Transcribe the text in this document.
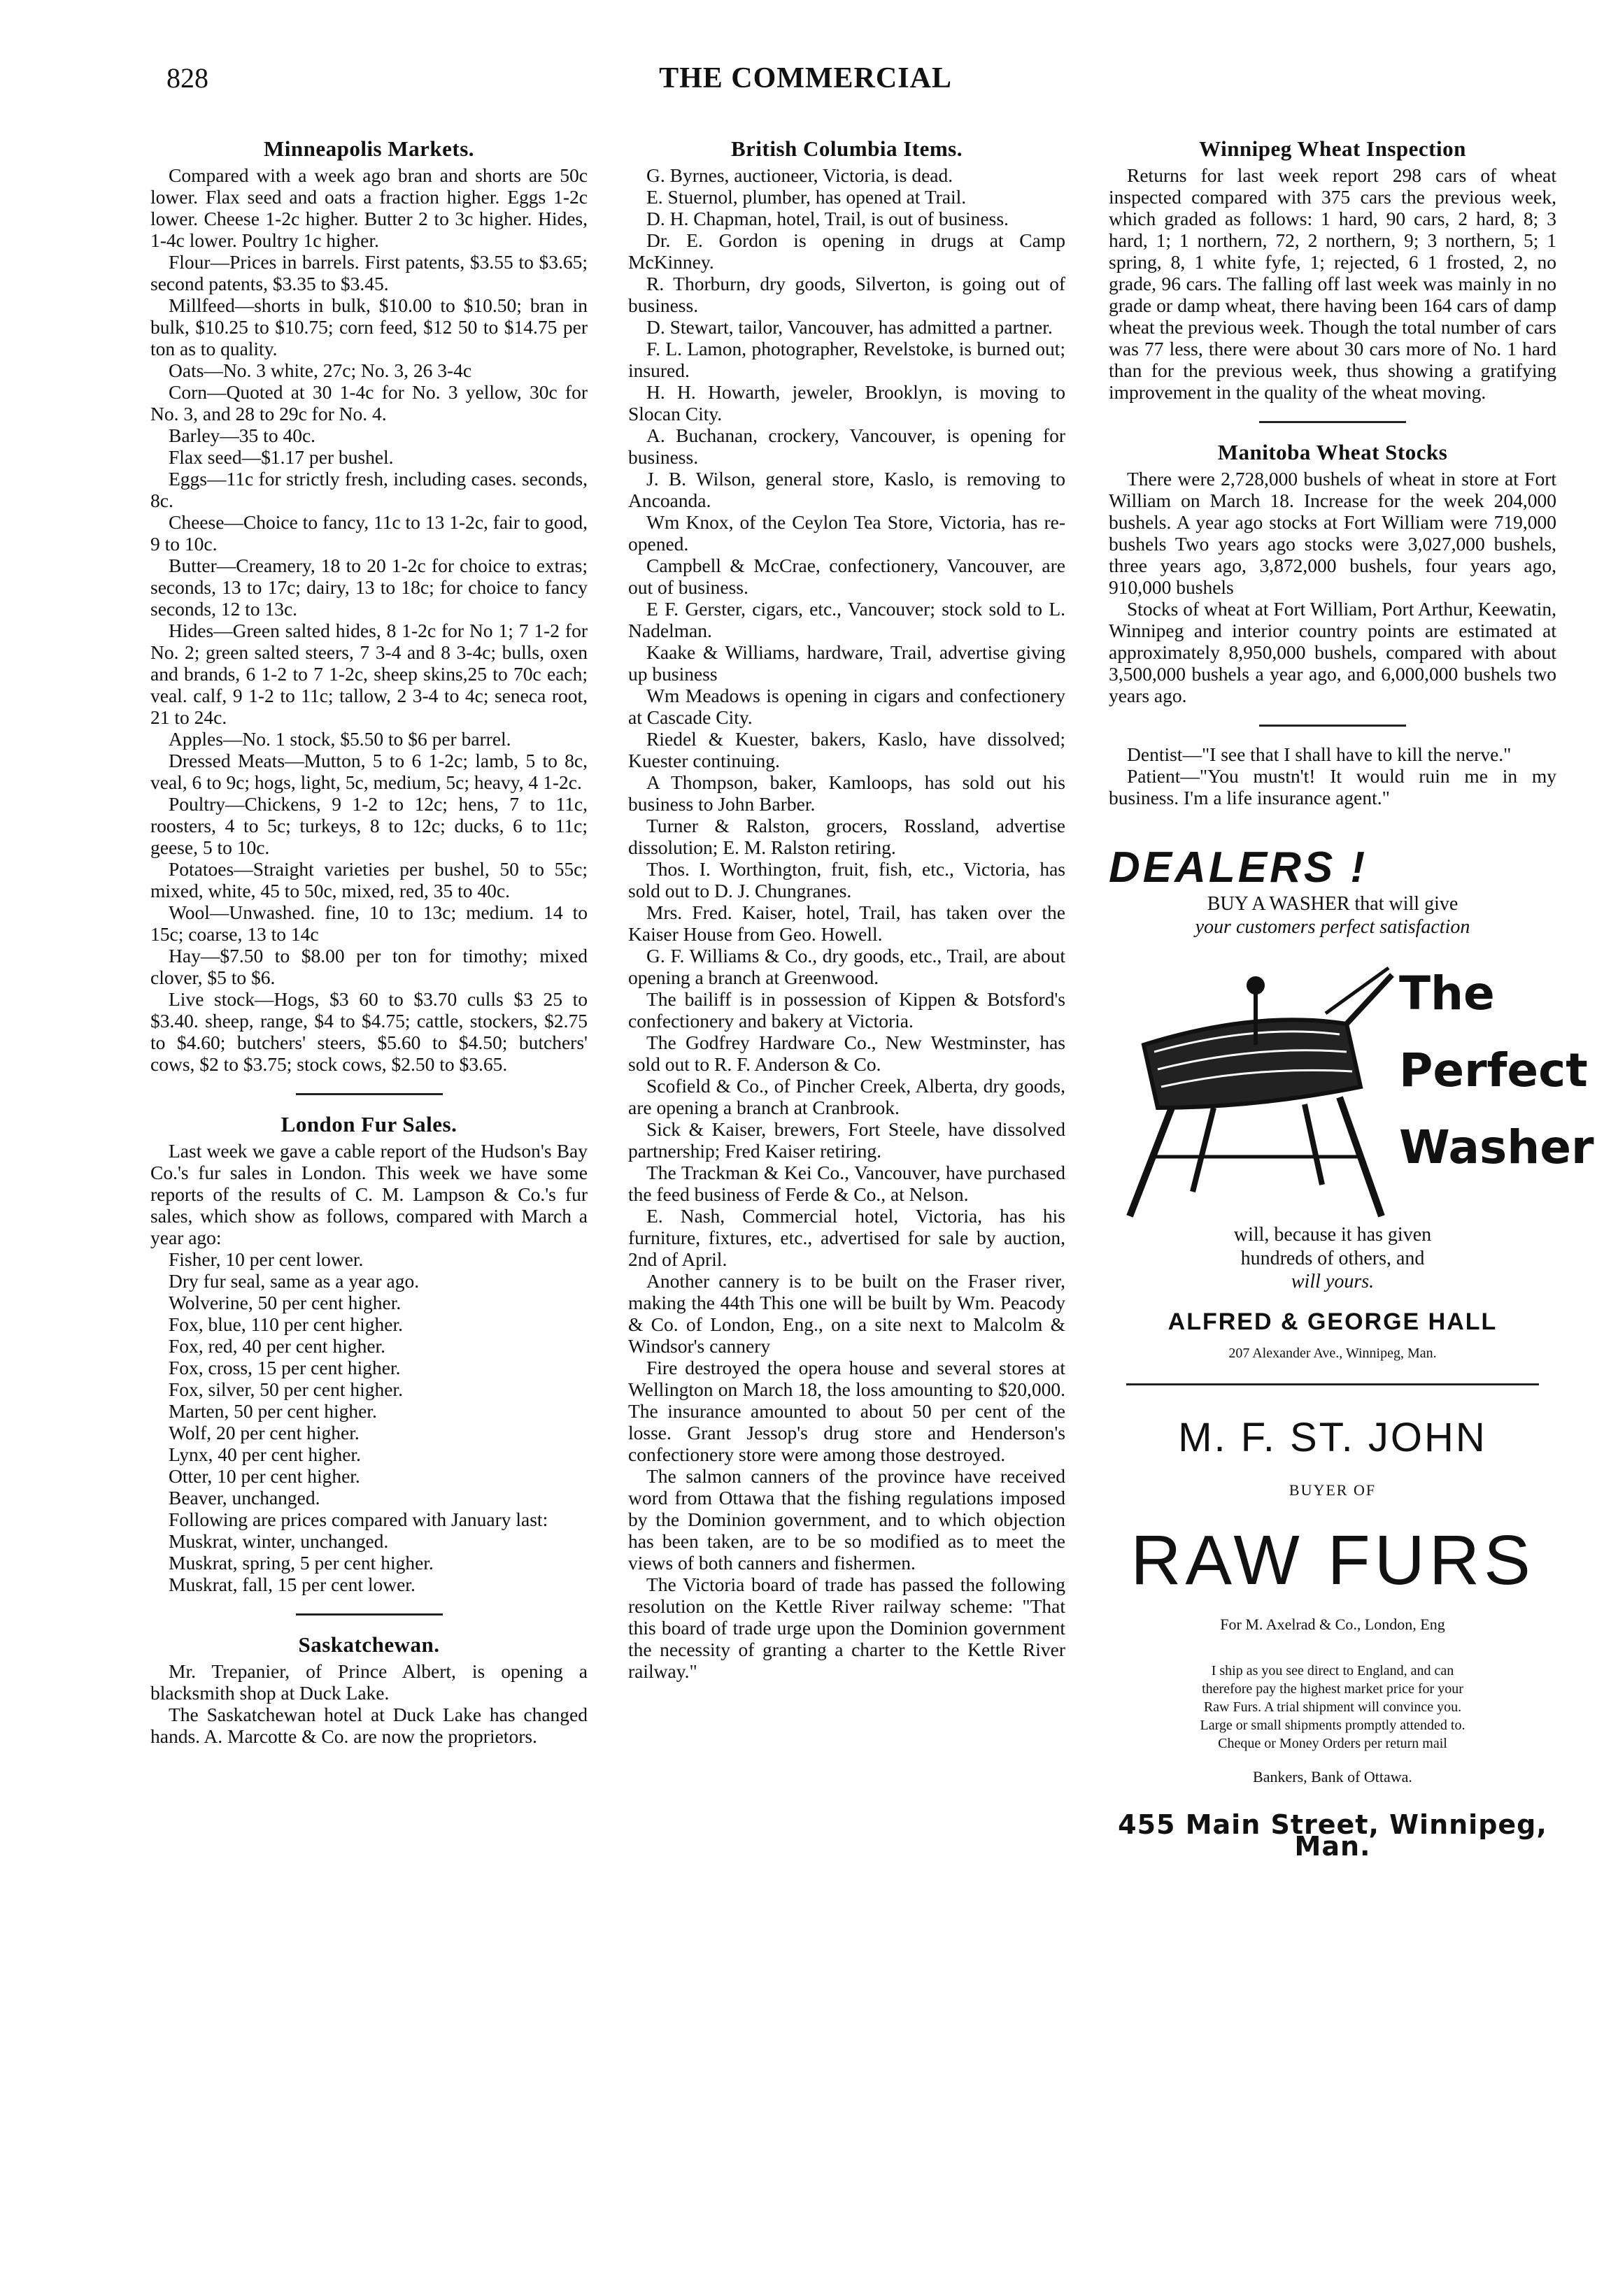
828	THE COMMERCIAL
Minneapolis Markets.

Compared with a week ago bran and shorts are 50c lower. Flax seed and oats a fraction higher. Eggs 1-2c lower. Cheese 1-2c higher. Butter 2 to 3c higher. Hides, 1-4c lower. Poultry 1c higher.

Flour—Prices in barrels. First patents, $3.55 to $3.65; second patents, $3.35 to $3.45.

Millfeed—shorts in bulk, $10.00 to $10.50; bran in bulk, $10.25 to $10.75; corn feed, $12 50 to $14.75 per ton as to quality.

Oats—No. 3 white, 27c; No. 3, 26 3-4c

Corn—Quoted at 30 1-4c for No. 3 yellow, 30c for No. 3, and 28 to 29c for No. 4.

Barley—35 to 40c.

Flax seed—$1.17 per bushel.

Eggs—11c for strictly fresh, including cases. seconds, 8c.

Cheese—Choice to fancy, 11c to 13 1-2c, fair to good, 9 to 10c.

Butter—Creamery, 18 to 20 1-2c for choice to extras; seconds, 13 to 17c; dairy, 13 to 18c; for choice to fancy seconds, 12 to 13c.

Hides—Green salted hides, 8 1-2c for No 1; 7 1-2 for No. 2; green salted steers, 7 3-4 and 8 3-4c; bulls, oxen and brands, 6 1-2 to 7 1-2c, sheep skins,25 to 70c each; veal. calf, 9 1-2 to 11c; tallow, 2 3-4 to 4c; seneca root, 21 to 24c.

Apples—No. 1 stock, $5.50 to $6 per barrel.

Dressed Meats—Mutton, 5 to 6 1-2c; lamb, 5 to 8c, veal, 6 to 9c; hogs, light, 5c, medium, 5c; heavy, 4 1-2c.

Poultry—Chickens, 9 1-2 to 12c; hens, 7 to 11c, roosters, 4 to 5c; turkeys, 8 to 12c; ducks, 6 to 11c; geese, 5 to 10c.

Potatoes—Straight varieties per bushel, 50 to 55c; mixed, white, 45 to 50c, mixed, red, 35 to 40c.

Wool—Unwashed. fine, 10 to 13c; medium. 14 to 15c; coarse, 13 to 14c

Hay—$7.50 to $8.00 per ton for timothy; mixed clover, $5 to $6.

Live stock—Hogs, $3 60 to $3.70 culls $3 25 to $3.40. sheep, range, $4 to $4.75; cattle, stockers, $2.75 to $4.60; butchers' steers, $5.60 to $4.50; butchers' cows, $2 to $3.75; stock cows, $2.50 to $3.65.

London Fur Sales.

Last week we gave a cable report of the Hudson's Bay Co.'s fur sales in London. This week we have some reports of the results of C. M. Lampson & Co.'s fur sales, which show as follows, compared with March a year ago:

Fisher, 10 per cent lower.

Dry fur seal, same as a year ago.

Wolverine, 50 per cent higher.

Fox, blue, 110 per cent higher.

Fox, red, 40 per cent higher.

Fox, cross, 15 per cent higher.

Fox, silver, 50 per cent higher.

Marten, 50 per cent higher.

Wolf, 20 per cent higher.

Lynx, 40 per cent higher.

Otter, 10 per cent higher.

Beaver, unchanged.

Following are prices compared with January last:

Muskrat, winter, unchanged.

Muskrat, spring, 5 per cent higher.

Muskrat, fall, 15 per cent lower.

Saskatchewan.

Mr. Trepanier, of Prince Albert, is opening a blacksmith shop at Duck Lake.

The Saskatchewan hotel at Duck Lake has changed hands. A. Marcotte & Co. are now the proprietors.

British Columbia Items.

G. Byrnes, auctioneer, Victoria, is dead.

E. Stuernol, plumber, has opened at Trail.

D. H. Chapman, hotel, Trail, is out of business.

Dr. E. Gordon is opening in drugs at Camp McKinney.

R. Thorburn, dry goods, Silverton, is going out of business.

D. Stewart, tailor, Vancouver, has admitted a partner.

F. L. Lamon, photographer, Revelstoke, is burned out; insured.

H. H. Howarth, jeweler, Brooklyn, is moving to Slocan City.

A. Buchanan, crockery, Vancouver, is opening for business.

J. B. Wilson, general store, Kaslo, is removing to Ancoanda.

Wm Knox, of the Ceylon Tea Store, Victoria, has re-opened.

Campbell & McCrae, confectionery, Vancouver, are out of business.

E F. Gerster, cigars, etc., Vancouver; stock sold to L. Nadelman.

Kaake & Williams, hardware, Trail, advertise giving up business

Wm Meadows is opening in cigars and confectionery at Cascade City.

Riedel & Kuester, bakers, Kaslo, have dissolved; Kuester continuing.

A Thompson, baker, Kamloops, has sold out his business to John Barber.

Turner & Ralston, grocers, Rossland, advertise dissolution; E. M. Ralston retiring.

Thos. I. Worthington, fruit, fish, etc., Victoria, has sold out to D. J. Chungranes.

Mrs. Fred. Kaiser, hotel, Trail, has taken over the Kaiser House from Geo. Howell.

G. F. Williams & Co., dry goods, etc., Trail, are about opening a branch at Greenwood.

The bailiff is in possession of Kippen & Botsford's confectionery and bakery at Victoria.

The Godfrey Hardware Co., New Westminster, has sold out to R. F. Anderson & Co.

Scofield & Co., of Pincher Creek, Alberta, dry goods, are opening a branch at Cranbrook.

Sick & Kaiser, brewers, Fort Steele, have dissolved partnership; Fred Kaiser retiring.

The Trackman & Kei Co., Vancouver, have purchased the feed business of Ferde & Co., at Nelson.

E. Nash, Commercial hotel, Victoria, has his furniture, fixtures, etc., advertised for sale by auction, 2nd of April.

Another cannery is to be built on the Fraser river, making the 44th This one will be built by Wm. Peacody & Co. of London, Eng., on a site next to Malcolm & Windsor's cannery

Fire destroyed the opera house and several stores at Wellington on March 18, the loss amounting to $20,000. The insurance amounted to about 50 per cent of the losse. Grant Jessop's drug store and Henderson's confectionery store were among those destroyed.

The salmon canners of the province have received word from Ottawa that the fishing regulations imposed by the Dominion government, and to which objection has been taken, are to be so modified as to meet the views of both canners and fishermen.

The Victoria board of trade has passed the following resolution on the Kettle River railway scheme: "That this board of trade urge upon the Dominion government the necessity of granting a charter to the Kettle River railway."

Winnipeg Wheat Inspection

Returns for last week report 298 cars of wheat inspected compared with 375 cars the previous week, which graded as follows: 1 hard, 90 cars, 2 hard, 8; 3 hard, 1; 1 northern, 72, 2 northern, 9; 3 northern, 5; 1 spring, 8, 1 white fyfe, 1; rejected, 6 1 frosted, 2, no grade, 96 cars. The falling off last week was mainly in no grade or damp wheat, there having been 164 cars of damp wheat the previous week. Though the total number of cars was 77 less, there were about 30 cars more of No. 1 hard than for the previous week, thus showing a gratifying improvement in the quality of the wheat moving.

Manitoba Wheat Stocks

There were 2,728,000 bushels of wheat in store at Fort William on March 18. Increase for the week 204,000 bushels. A year ago stocks at Fort William were 719,000 bushels Two years ago stocks were 3,027,000 bushels, three years ago, 3,872,000 bushels, four years ago, 910,000 bushels

Stocks of wheat at Fort William, Port Arthur, Keewatin, Winnipeg and interior country points are estimated at approximately 8,950,000 bushels, compared with about 3,500,000 bushels a year ago, and 6,000,000 bushels two years ago.

Dentist—"I see that I shall have to kill the nerve."

Patient—"You mustn't! It would ruin me in my business. I'm a life insurance agent."

DEALERS !
BUY A WASHER that will give
your customers perfect satisfaction
The
Perfect
Washer
will, because it has given
hundreds of others, and
will yours.
ALFRED & GEORGE HALL
207 Alexander Ave., Winnipeg, Man.
M. F. ST. JOHN
BUYER OF
RAW FURS
For M. Axelrad & Co., London, Eng
I ship as you see direct to England, and can
therefore pay the highest market price for your
Raw Furs. A trial shipment will convince you.
Large or small shipments promptly attended to.
Cheque or Money Orders per return mail
Bankers, Bank of Ottawa.
455 Main Street, Winnipeg, Man.
